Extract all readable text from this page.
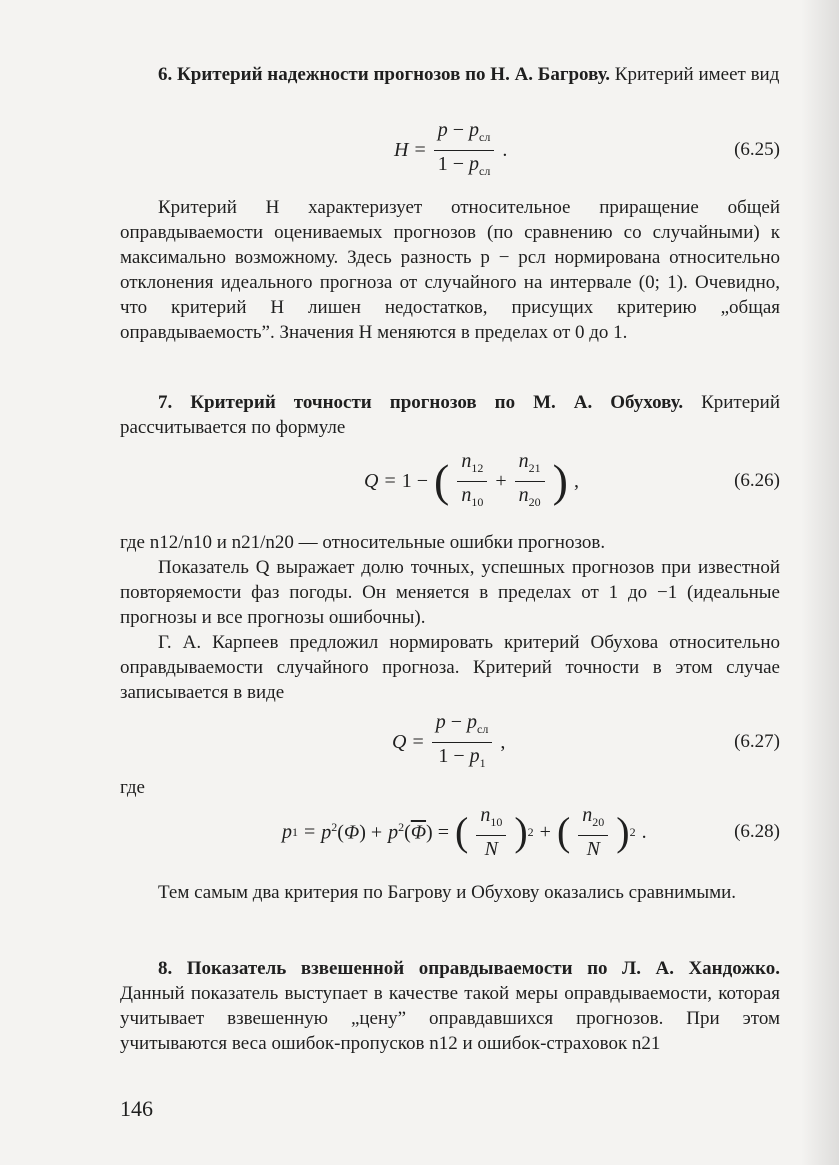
6. Критерий надежности прогнозов по Н. А. Багрову. Критерий имеет вид

$H = \frac{p - p_{сл}}{1 - p_{сл}}$ .	(6.25)

Критерий H характеризует относительное приращение общей оправдываемости оцениваемых прогнозов (по сравнению со случайными) к максимально возможному. Здесь разность p − pсл нормирована относительно отклонения идеального прогноза от случайного на интервале (0; 1). Очевидно, что критерий H лишен недостатков, присущих критерию „общая оправдываемость”. Значения H меняются в пределах от 0 до 1.

7. Критерий точности прогнозов по М. А. Обухову. Критерий рассчитывается по формуле

Q = 1 − ( $\frac{n_{12}}{n_{10}} + \frac{n_{21}}{n_{20}}$ ) ,	(6.26)

где n12/n10 и n21/n20 — относительные ошибки прогнозов.

Показатель Q выражает долю точных, успешных прогнозов при известной повторяемости фаз погоды. Он меняется в пределах от 1 до −1 (идеальные прогнозы и все прогнозы ошибочны).

Г. А. Карпеев предложил нормировать критерий Обухова относительно оправдываемости случайного прогноза. Критерий точности в этом случае записывается в виде

$Q = \frac{p - p_{сл}}{1 - p_1}$ ,	(6.27)

где

p $1 = p^2(\Phi) + p^2(\overline{\Phi})$ = ( $\frac{n_{10}}{N}$ ) 2 + ( $\frac{n_{20}}{N}$ ) 2 .	(6.28)

Тем самым два критерия по Багрову и Обухову оказались сравнимыми.

8. Показатель взвешенной оправдываемости по Л. А. Хандожко. Данный показатель выступает в качестве такой меры оправдываемости, которая учитывает взвешенную „цену” оправдавшихся прогнозов. При этом учитываются веса ошибок-пропусков n12 и ошибок-страховок n21

146
